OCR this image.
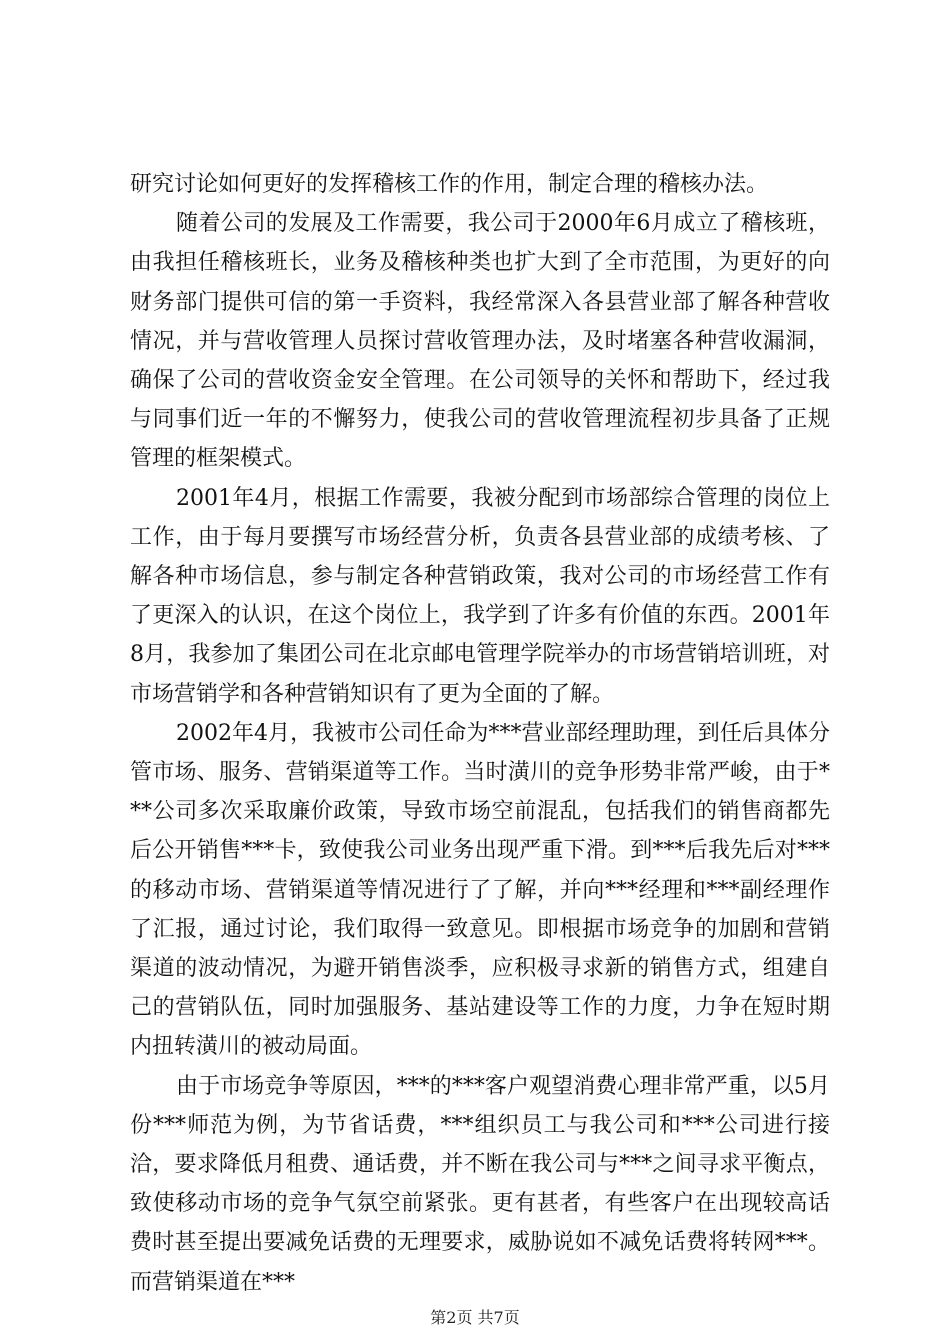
研究讨论如何更好的发挥稽核工作的作用，制定合理的稽核办法。

随着公司的发展及工作需要，我公司于2000年6月成立了稽核班，由我担任稽核班长，业务及稽核种类也扩大到了全市范围，为更好的向财务部门提供可信的第一手资料，我经常深入各县营业部了解各种营收情况，并与营收管理人员探讨营收管理办法，及时堵塞各种营收漏洞，确保了公司的营收资金安全管理。在公司领导的关怀和帮助下，经过我与同事们近一年的不懈努力，使我公司的营收管理流程初步具备了正规管理的框架模式。

2001年4月，根据工作需要，我被分配到市场部综合管理的岗位上工作，由于每月要撰写市场经营分析，负责各县营业部的成绩考核、了解各种市场信息，参与制定各种营销政策，我对公司的市场经营工作有了更深入的认识，在这个岗位上，我学到了许多有价值的东西。2001年8月，我参加了集团公司在北京邮电管理学院举办的市场营销培训班，对市场营销学和各种营销知识有了更为全面的了解。

2002年4月，我被市公司任命为***营业部经理助理，到任后具体分管市场、服务、营销渠道等工作。当时潢川的竞争形势非常严峻，由于***公司多次采取廉价政策，导致市场空前混乱，包括我们的销售商都先后公开销售***卡，致使我公司业务出现严重下滑。到***后我先后对***的移动市场、营销渠道等情况进行了了解，并向***经理和***副经理作了汇报，通过讨论，我们取得一致意见。即根据市场竞争的加剧和营销渠道的波动情况，为避开销售淡季，应积极寻求新的销售方式，组建自己的营销队伍，同时加强服务、基站建设等工作的力度，力争在短时期内扭转潢川的被动局面。

由于市场竞争等原因，***的***客户观望消费心理非常严重，以5月份***师范为例，为节省话费，***组织员工与我公司和***公司进行接洽，要求降低月租费、通话费，并不断在我公司与***之间寻求平衡点，致使移动市场的竞争气氛空前紧张。更有甚者，有些客户在出现较高话费时甚至提出要减免话费的无理要求，威胁说如不减免话费将转网***。而营销渠道在***

第2页 共7页
